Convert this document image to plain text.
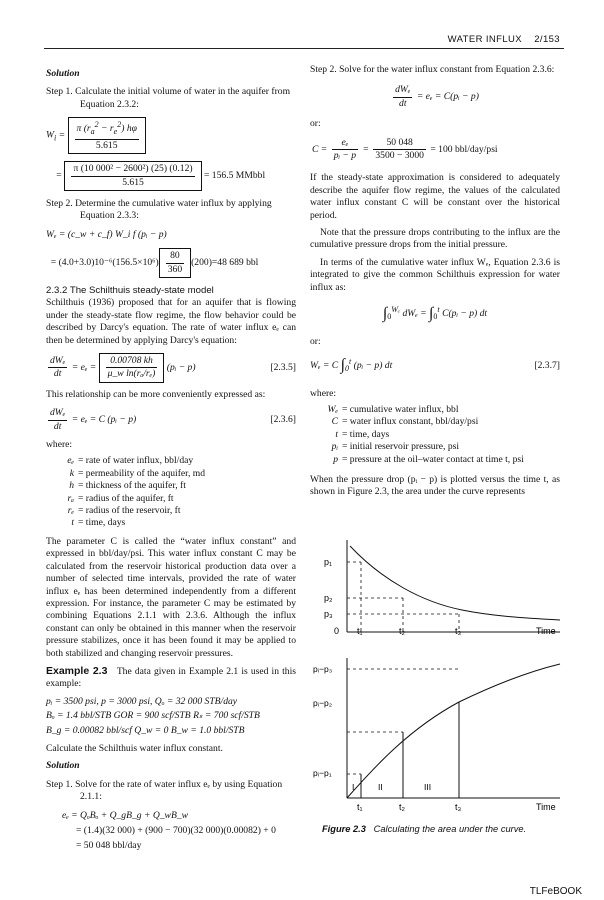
WATER INFLUX 2/153
Solution
Step 1. Calculate the initial volume of water in the aquifer from Equation 2.3.2:
$W_i = \frac{\pi (r_a^2 - r_e^2) h\varphi}{5.615}$
= $\frac{\text{π (10 000² − 2600²) (25) (0.12)}}{5.615} = 156.5$ MMbbl
Step 2. Determine the cumulative water influx by applying Equation 2.3.3:
Wₑ = (c_w + c_f) W_i f (pᵢ − p)
= $(4.0+3.0)10^{-6}(156.5\times 10^6) \frac{80}{360} (200)=48$ 689 bbl
2.3.2 The Schilthuis steady-state model

Schilthuis (1936) proposed that for an aquifer that is flowing under the steady-state flow regime, the flow behavior could be described by Darcy's equation. The rate of water influx eₑ can then be determined by applying Darcy's equation:

$\frac{\text{dWₑ}}{dt} = e_e = \frac{0.00708 kh}{\text{μ\_w ln(rₐ/rₑ)}}$ (pᵢ − p)	[2.3.5]

This relationship can be more conveniently expressed as:

$\frac{\text{dWₑ}}{dt} = e_e = C$ (pᵢ − p)	[2.3.6]
where:
eₑ = rate of water influx, bbl/day
k = permeability of the aquifer, md
h = thickness of the aquifer, ft
rₐ = radius of the aquifer, ft
rₑ = radius of the reservoir, ft
t = time, days

The parameter C is called the “water influx constant” and expressed in bbl/day/psi. This water influx constant C may be calculated from the reservoir historical production data over a number of selected time intervals, provided the rate of water influx eₑ has been determined independently from a different expression. For instance, the parameter C may be estimated by combining Equations 2.1.1 with 2.3.6. Although the influx constant can only be obtained in this manner when the reservoir pressure stabilizes, once it has been found it may be applied to both stabilized and changing reservoir pressures.

Example 2.3 The data given in Example 2.1 is used in this example:

pᵢ = 3500 psi, p = 3000 psi, Qₒ = 32 000 STB/day
Bₒ = 1.4 bbl/STB GOR = 900 scf/STB Rₛ = 700 scf/STB
B_g = 0.00082 bbl/scf Q_w = 0 B_w = 1.0 bbl/STB

Calculate the Schilthuis water influx constant.

Solution
Step 1. Solve for the rate of water influx eₑ by using Equation 2.1.1:
eₑ = QₒBₒ + Q_gB_g + Q_wB_w
= (1.4)(32 000) + (900 − 700)(32 000)(0.00082) + 0
= 50 048 bbl/day
Step 2. Solve for the water influx constant from Equation 2.3.6:
$\frac{\text{dWₑ}}{dt} = e_e$ = C(pᵢ − p)
or:
$C = \frac{\text{eₑ}}{\text{pᵢ − p}} = \frac{50 048}{3500 - 3000} = 100$ bbl/day/psi

If the steady-state approximation is considered to adequately describe the aquifer flow regime, the values of the calculated water influx constant C will be constant over the historical period.

Note that the pressure drops contributing to the influx are the cumulative pressure drops from the initial pressure.

In terms of the cumulative water influx Wₑ, Equation 2.3.6 is integrated to give the common Schilthuis expression for water influx as:

$\int_0^{W_e}$ $dW_e = \int_0^t$ C(pᵢ − p) dt
or:
Wₑ = C $\int_0^t$ (pᵢ − p) dt	[2.3.7]
where:
Wₑ = cumulative water influx, bbl
C = water influx constant, bbl/day/psi
t = time, days
pᵢ = initial reservoir pressure, psi
p = pressure at the oil–water contact at time t, psi

When the pressure drop (pᵢ − p) is plotted versus the time t, as shown in Figure 2.3, the area under the curve represents

p₁
p₂
p₃
0 t₁	t₂	t₃	Time
pᵢ−p₃
pᵢ−p₂
pᵢ−p₁
I	II	III
t₁	t₂	t₃	Time
Figure 2.3 Calculating the area under the curve.
TLFeBOOK
